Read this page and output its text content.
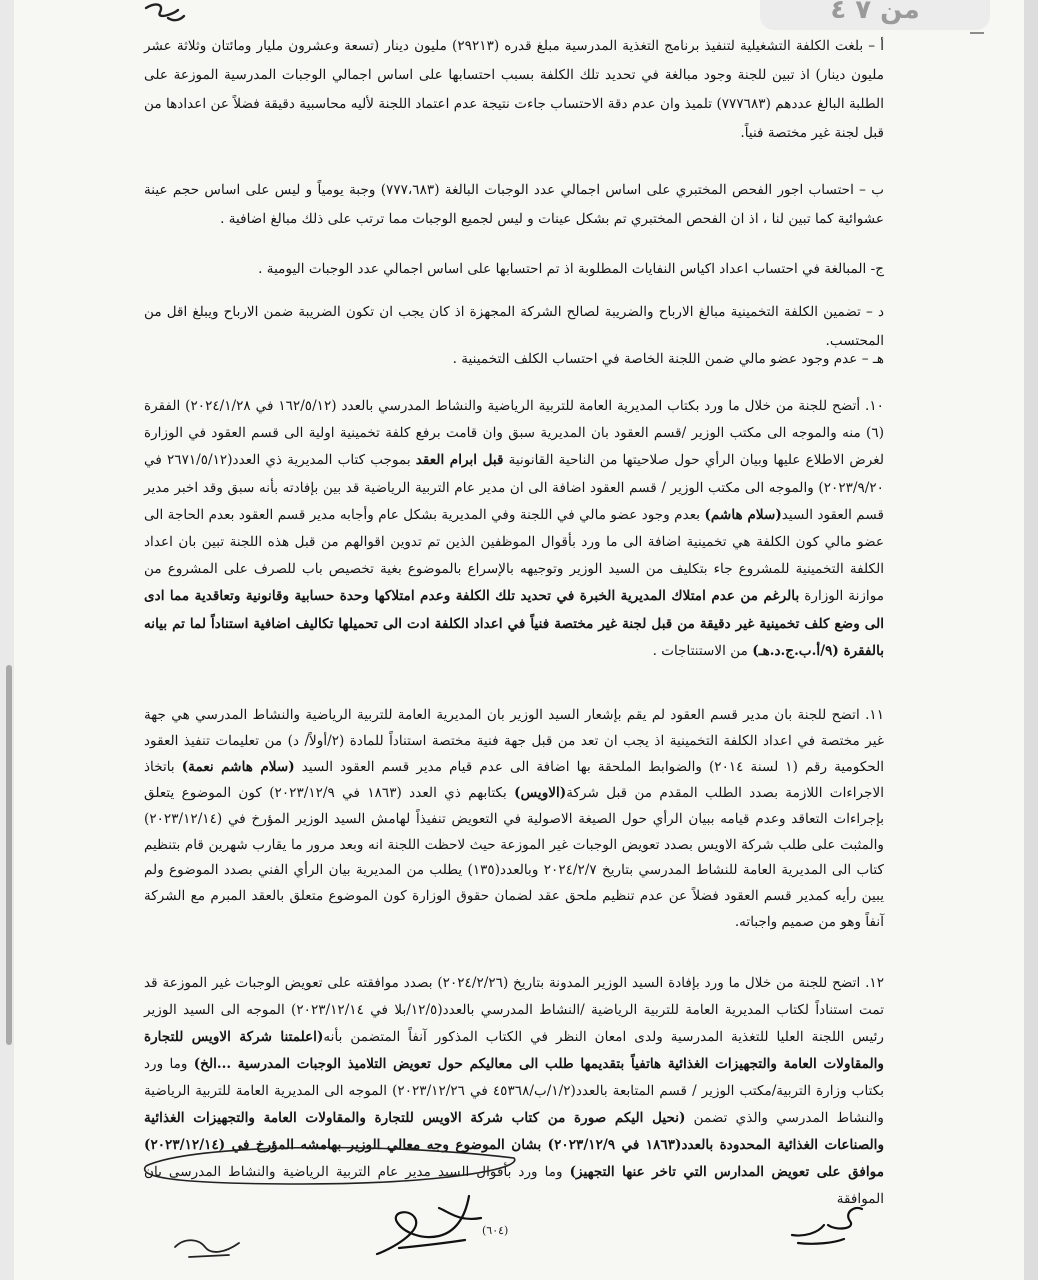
أ – بلغت الكلفة التشغيلية لتنفيذ برنامج التغذية المدرسية مبلغ قدره (٢٩٢١٣) مليون دينار (تسعة وعشرون مليار ومائتان وثلاثة عشر مليون دينار) اذ تبين للجنة وجود مبالغة في تحديد تلك الكلفة بسبب احتسابها على اساس اجمالي الوجبات المدرسية الموزعة على الطلبة البالغ عددهم (٧٧٧٦٨٣) تلميذ وان عدم دقة الاحتساب جاءت نتيجة عدم اعتماد اللجنة لأليه محاسبية دقيقة فضلاً عن اعدادها من قبل لجنة غير مختصة فنياً.

ب – احتساب اجور الفحص المختبري على اساس اجمالي عدد الوجبات البالغة (٧٧٧،٦٨٣) وجبة يومياً و ليس على اساس حجم عينة عشوائية كما تبين لنا ، اذ ان الفحص المختبري تم بشكل عينات و ليس لجميع الوجبات مما ترتب على ذلك مبالغ اضافية .

ج- المبالغة في احتساب اعداد اكياس النفايات المطلوبة اذ تم احتسابها على اساس اجمالي عدد الوجبات اليومية .

د – تضمين الكلفة التخمينية مبالغ الارباح والضريبة لصالح الشركة المجهزة اذ كان يجب ان تكون الضريبة ضمن الارباح ويبلغ اقل من المحتسب.

هـ – عدم وجود عضو مالي ضمن اللجنة الخاصة في احتساب الكلف التخمينية .

١٠. أتضح للجنة من خلال ما ورد بكتاب المديرية العامة للتربية الرياضية والنشاط المدرسي بالعدد (١٦٢/٥/١٢ في ٢٠٢٤/١/٢٨) الفقرة (٦) منه والموجه الى مكتب الوزير /قسم العقود بان المديرية سبق وان قامت برفع كلفة تخمينية اولية الى قسم العقود في الوزارة لغرض الاطلاع عليها وبيان الرأي حول صلاحيتها من الناحية القانونية قبل ابرام العقد بموجب كتاب المديرية ذي العدد(٢٦٧١/٥/١٢ في ٢٠٢٣/٩/٢٠) والموجه الى مكتب الوزير / قسم العقود اضافة الى ان مدير عام التربية الرياضية قد بين بإفادته بأنه سبق وقد اخبر مدير قسم العقود السيد(سلام هاشم) بعدم وجود عضو مالي في اللجنة وفي المديرية بشكل عام وأجابه مدير قسم العقود بعدم الحاجة الى عضو مالي كون الكلفة هي تخمينية اضافة الى ما ورد بأقوال الموظفين الذين تم تدوين اقوالهم من قبل هذه اللجنة تبين بان اعداد الكلفة التخمينية للمشروع جاء بتكليف من السيد الوزير وتوجيهه بالإسراع بالموضوع بغية تخصيص باب للصرف على المشروع من موازنة الوزارة بالرغم من عدم امتلاك المديرية الخبرة في تحديد تلك الكلفة وعدم امتلاكها وحدة حسابية وقانونية وتعاقدية مما ادى الى وضع كلف تخمينية غير دقيقة من قبل لجنة غير مختصة فنياً في اعداد الكلفة ادت الى تحميلها تكاليف اضافية استناداً لما تم بيانه بالفقرة (٩/أ.ب.ج.د.هـ) من الاستنتاجات .

١١. اتضح للجنة بان مدير قسم العقود لم يقم بإشعار السيد الوزير بان المديرية العامة للتربية الرياضية والنشاط المدرسي هي جهة غير مختصة في اعداد الكلفة التخمينية اذ يجب ان تعد من قبل جهة فنية مختصة استناداً للمادة (٢/أولاً/ د) من تعليمات تنفيذ العقود الحكومية رقم (١ لسنة ٢٠١٤) والضوابط الملحقة بها اضافة الى عدم قيام مدير قسم العقود السيد (سلام هاشم نعمة) باتخاذ الاجراءات اللازمة بصدد الطلب المقدم من قبل شركة(الاويس) بكتابهم ذي العدد (١٨٦٣ في ٢٠٢٣/١٢/٩) كون الموضوع يتعلق بإجراءات التعاقد وعدم قيامه ببيان الرأي حول الصيغة الاصولية في التعويض تنفيذاً لهامش السيد الوزير المؤرخ في (٢٠٢٣/١٢/١٤) والمثبت على طلب شركة الاويس بصدد تعويض الوجبات غير الموزعة حيث لاحظت اللجنة انه وبعد مرور ما يقارب شهرين قام بتنظيم كتاب الى المديرية العامة للنشاط المدرسي بتاريخ ٢٠٢٤/٢/٧ وبالعدد(١٣٥) يطلب من المديرية بيان الرأي الفني بصدد الموضوع ولم يبين رأيه كمدير قسم العقود فضلاً عن عدم تنظيم ملحق عقد لضمان حقوق الوزارة كون الموضوع متعلق بالعقد المبرم مع الشركة آنفاً وهو من صميم واجباته.

١٢. اتضح للجنة من خلال ما ورد بإفادة السيد الوزير المدونة بتاريخ (٢٠٢٤/٢/٢٦) بصدد موافقته على تعويض الوجبات غير الموزعة قد تمت استناداً لكتاب المديرية العامة للتربية الرياضية /النشاط المدرسي بالعدد(١٢/٥/بلا في ٢٠٢٣/١٢/١٤) الموجه الى السيد الوزير رئيس اللجنة العليا للتغذية المدرسية ولدى امعان النظر في الكتاب المذكور آنفاً المتضمن بأنه(اعلمتنا شركة الاويس للتجارة والمقاولات العامة والتجهيزات الغذائية هاتفياً بتقديمها طلب الى معاليكم حول تعويض التلاميذ الوجبات المدرسية ...الخ) وما ورد بكتاب وزارة التربية/مكتب الوزير / قسم المتابعة بالعدد(١/٢/ب/٤٥٣٦٨ في ٢٠٢٣/١٢/٢٦) الموجه الى المديرية العامة للتربية الرياضية والنشاط المدرسي والذي تضمن (نحيل اليكم صورة من كتاب شركة الاويس للتجارة والمقاولات العامة والتجهيزات الغذائية والصناعات الغذائية المحدودة بالعدد(١٨٦٣ في ٢٠٢٣/١٢/٩) بشان الموضوع وجه معالي الوزير بهامشه المؤرخ في (٢٠٢٣/١٢/١٤) موافق على تعويض المدارس التي تاخر عنها التجهيز) وما ورد بأقوال السيد مدير عام التربية الرياضية والنشاط المدرسي بان الموافقة

(٦٠٤)
من ٧ ٤
